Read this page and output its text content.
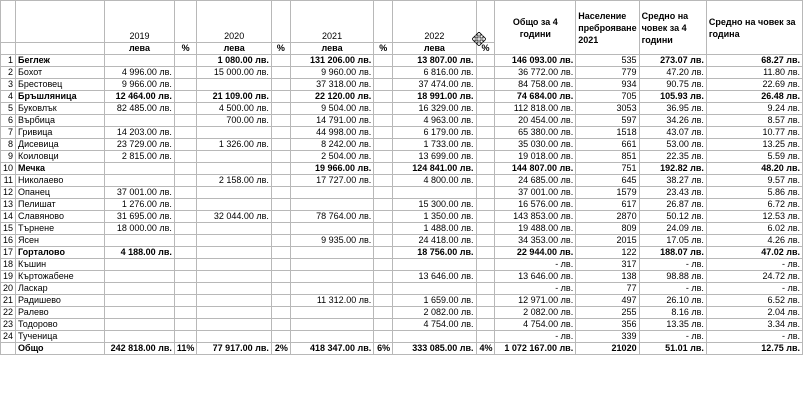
		2019		2020		2021		2022		Общо за 4 години	Население преброяване 2021	Средно на човек за 4 години	Средно на човек за година
		лева	%	лева	%	лева	%	лева	%				
1	Беглеж			1 080.00 лв.		131 206.00 лв.		13 807.00 лв.		146 093.00 лв.	535	273.07 лв.	68.27 лв.
2	Бохот	4 996.00 лв.		15 000.00 лв.		9 960.00 лв.		6 816.00 лв.		36 772.00 лв.	779	47.20 лв.	11.80 лв.
3	Брестовец	9 966.00 лв.				37 318.00 лв.		37 474.00 лв.		84 758.00 лв.	934	90.75 лв.	22.69 лв.
4	Бръшляница	12 464.00 лв.		21 109.00 лв.		22 120.00 лв.		18 991.00 лв.		74 684.00 лв.	705	105.93 лв.	26.48 лв.
5	Буковлък	82 485.00 лв.		4 500.00 лв.		9 504.00 лв.		16 329.00 лв.		112 818.00 лв.	3053	36.95 лв.	9.24 лв.
6	Върбица			700.00 лв.		14 791.00 лв.		4 963.00 лв.		20 454.00 лв.	597	34.26 лв.	8.57 лв.
7	Гривица	14 203.00 лв.				44 998.00 лв.		6 179.00 лв.		65 380.00 лв.	1518	43.07 лв.	10.77 лв.
8	Дисевица	23 729.00 лв.		1 326.00 лв.		8 242.00 лв.		1 733.00 лв.		35 030.00 лв.	661	53.00 лв.	13.25 лв.
9	Коиловци	2 815.00 лв.				2 504.00 лв.		13 699.00 лв.		19 018.00 лв.	851	22.35 лв.	5.59 лв.
10	Мечка					19 966.00 лв.		124 841.00 лв.		144 807.00 лв.	751	192.82 лв.	48.20 лв.
11	Николаево			2 158.00 лв.		17 727.00 лв.		4 800.00 лв.		24 685.00 лв.	645	38.27 лв.	9.57 лв.
12	Опанец	37 001.00 лв.								37 001.00 лв.	1579	23.43 лв.	5.86 лв.
13	Пелишат	1 276.00 лв.						15 300.00 лв.		16 576.00 лв.	617	26.87 лв.	6.72 лв.
14	Славяново	31 695.00 лв.		32 044.00 лв.		78 764.00 лв.		1 350.00 лв.		143 853.00 лв.	2870	50.12 лв.	12.53 лв.
15	Търнене	18 000.00 лв.						1 488.00 лв.		19 488.00 лв.	809	24.09 лв.	6.02 лв.
16	Ясен					9 935.00 лв.		24 418.00 лв.		34 353.00 лв.	2015	17.05 лв.	4.26 лв.
17	Горталово	4 188.00 лв.						18 756.00 лв.		22 944.00 лв.	122	188.07 лв.	47.02 лв.
18	Къшин									- лв.	317	- лв.	- лв.
19	Къртожабене							13 646.00 лв.		13 646.00 лв.	138	98.88 лв.	24.72 лв.
20	Ласкар									- лв.	77	- лв.	- лв.
21	Радишево					11 312.00 лв.		1 659.00 лв.		12 971.00 лв.	497	26.10 лв.	6.52 лв.
22	Ралево							2 082.00 лв.		2 082.00 лв.	255	8.16 лв.	2.04 лв.
23	Тодорово							4 754.00 лв.		4 754.00 лв.	356	13.35 лв.	3.34 лв.
24	Тученица									- лв.	339	- лв.	- лв.
	Общо	242 818.00 лв.	11%	77 917.00 лв.	2%	418 347.00 лв.	6%	333 085.00 лв.	4%	1 072 167.00 лв.	21020	51.01 лв.	12.75 лв.
